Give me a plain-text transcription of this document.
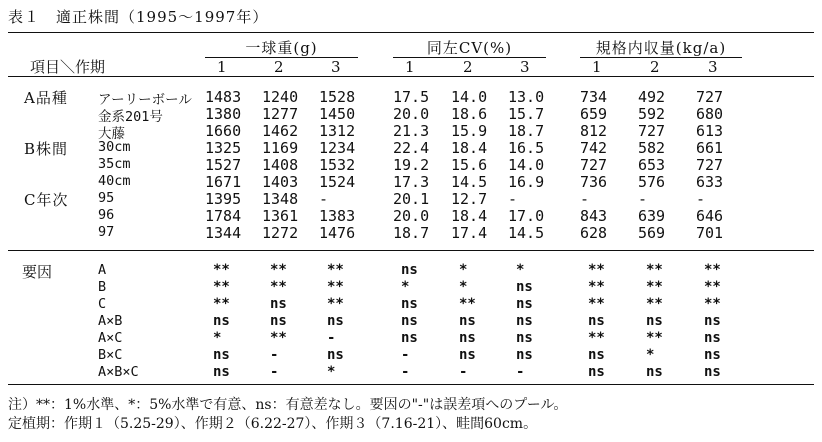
表１　適正株間（1995〜1997年）
項目＼作期
一球重(g)
1	2	3
同左CV(%)
1	2	3
規格内収量(kg/a)
1	2	3
A品種 アーリーボール 1483 1240 1528	17.5 14.0 13.0 734 492 727
金系201号	1380 1277 1450	20.0 18.6 15.7 659 592 680
大藤	1660 1462 1312	21.3 15.9 18.7 812 727 613
B株間 30cm	1325 1169 1234	22.4 18.4 16.5 742 582 661
35cm	1527 1408 1532	19.2 15.6 14.0 727 653 727
40cm	1671 1403 1524	17.3 14.5 16.9 736 576 633
C年次 95	1395 1348 -	20.1 12.7 -	-	-	-
96	1784 1361 1383	20.0 18.4 17.0 843 639 646
97	1344 1272 1476	18.7 17.4 14.5 628 569 701
要因	A	**	**	**	ns	*	*	**	**	**
B	**	**	**	*	*	ns	**	**	**
C	**	ns	**	ns	**	ns	**	**	**
A×B	ns	ns	ns	ns	ns	ns	ns	ns	ns
A×C	*	**	-	ns	ns	ns	**	**	ns
B×C	ns	-	ns	-	ns	ns	ns	*	ns
A×B×C	ns	-	*	-	-	-	ns	ns	ns
注）**：1%水準、*：5%水準で有意、ns：有意差なし。要因の"-"は誤差項へのプール。
定植期：作期１（5.25-29）、作期２（6.22-27）、作期３（7.16-21）、畦間60cm。
